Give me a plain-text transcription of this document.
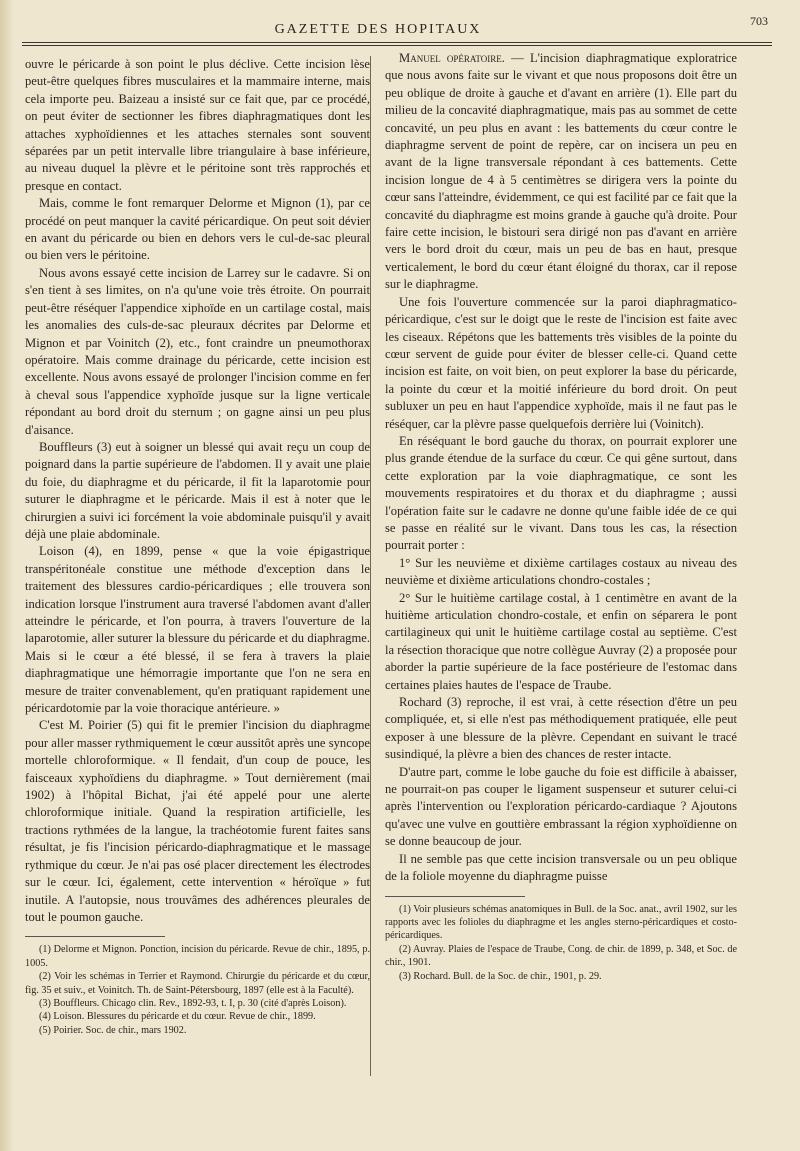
GAZETTE DES HOPITAUX
703

ouvre le péricarde à son point le plus déclive. Cette incision lèse peut-être quelques fibres musculaires et la mammaire interne, mais cela importe peu. Baizeau a insisté sur ce fait que, par ce procédé, on peut éviter de sectionner les fibres diaphragmatiques dont les attaches xyphoïdiennes et les attaches sternales sont souvent séparées par un petit intervalle libre triangulaire à base inférieure, au niveau duquel la plèvre et le péritoine sont très rapprochés et presque en contact.

Mais, comme le font remarquer Delorme et Mignon (1), par ce procédé on peut manquer la cavité péricardique. On peut soit dévier en avant du péricarde ou bien en dehors vers le cul-de-sac pleural ou bien vers le péritoine.

Nous avons essayé cette incision de Larrey sur le cadavre. Si on s'en tient à ses limites, on n'a qu'une voie très étroite. On pourrait peut-être réséquer l'appendice xiphoïde en un cartilage costal, mais les anomalies des culs-de-sac pleuraux décrites par Delorme et Mignon et par Voinitch (2), etc., font craindre un pneumothorax opératoire. Mais comme drainage du péricarde, cette incision est excellente. Nous avons essayé de prolonger l'incision comme en fer à cheval sous l'appendice xyphoïde jusque sur la ligne verticale répondant au bord droit du sternum ; on gagne ainsi un peu plus d'aisance.

Bouffleurs (3) eut à soigner un blessé qui avait reçu un coup de poignard dans la partie supérieure de l'abdomen. Il y avait une plaie du foie, du diaphragme et du péricarde, il fit la laparotomie pour suturer le diaphragme et le péricarde. Mais il est à noter que le chirurgien a suivi ici forcément la voie abdominale puisqu'il y avait déjà une plaie abdominale.

Loison (4), en 1899, pense « que la voie épigastrique transpéritonéale constitue une méthode d'exception dans le traitement des blessures cardio-péricardiques ; elle trouvera son indication lorsque l'instrument aura traversé l'abdomen avant d'aller atteindre le péricarde, et l'on pourra, à travers l'ouverture de la laparotomie, aller suturer la blessure du péricarde et du diaphragme. Mais si le cœur a été blessé, il se fera à travers la plaie diaphragmatique une hémorragie importante que l'on ne sera en mesure de traiter convenablement, qu'en pratiquant rapidement une péricardotomie par la voie thoracique antérieure. »

C'est M. Poirier (5) qui fit le premier l'incision du diaphragme pour aller masser rythmiquement le cœur aussitôt après une syncope mortelle chloroformique. « Il fendait, d'un coup de pouce, les faisceaux xyphoïdiens du diaphragme. » Tout dernièrement (mai 1902) à l'hôpital Bichat, j'ai été appelé pour une alerte chloroformique initiale. Quand la respiration artificielle, les tractions rythmées de la langue, la trachéotomie furent faites sans résultat, je fis l'incision péricardo-diaphragmatique et le massage rythmique du cœur. Je n'ai pas osé placer directement les électrodes sur le cœur. Ici, également, cette intervention « héroïque » fut inutile. A l'autopsie, nous trouvâmes des adhérences pleurales de tout le poumon gauche.

(1) Delorme et Mignon. Ponction, incision du péricarde. Revue de chir., 1895, p. 1005.

(2) Voir les schémas in Terrier et Raymond. Chirurgie du péricarde et du cœur, fig. 35 et suiv., et Voinitch. Th. de Saint-Pétersbourg, 1897 (elle est à la Faculté).

(3) Bouffleurs. Chicago clin. Rev., 1892-93, t. I, p. 30 (cité d'après Loison).

(4) Loison. Blessures du péricarde et du cœur. Revue de chir., 1899.

(5) Poirier. Soc. de chir., mars 1902.

Manuel opératoire. — L'incision diaphragmatique exploratrice que nous avons faite sur le vivant et que nous proposons doit être un peu oblique de droite à gauche et d'avant en arrière (1). Elle part du milieu de la concavité diaphragmatique, mais pas au sommet de cette concavité, un peu plus en avant : les battements du cœur contre le diaphragme servent de point de repère, car on incisera un peu en avant de la ligne transversale répondant à ces battements. Cette incision longue de 4 à 5 centimètres se dirigera vers la pointe du cœur sans l'atteindre, évidemment, ce qui est facilité par ce fait que la concavité du diaphragme est moins grande à gauche qu'à droite. Pour faire cette incision, le bistouri sera dirigé non pas d'avant en arrière vers le bord droit du cœur, mais un peu de bas en haut, presque verticalement, le bord du cœur étant éloigné du thorax, car il repose sur le diaphragme.

Une fois l'ouverture commencée sur la paroi diaphragmatico-péricardique, c'est sur le doigt que le reste de l'incision est faite avec les ciseaux. Répétons que les battements très visibles de la pointe du cœur servent de guide pour éviter de blesser celle-ci. Quand cette incision est faite, on voit bien, on peut explorer la base du péricarde, la pointe du cœur et la moitié inférieure du bord droit. On peut subluxer un peu en haut l'appendice xyphoïde, mais il ne faut pas le réséquer, car la plèvre passe quelquefois derrière lui (Voinitch).

En réséquant le bord gauche du thorax, on pourrait explorer une plus grande étendue de la surface du cœur. Ce qui gêne surtout, dans cette exploration par la voie diaphragmatique, ce sont les mouvements respiratoires et du thorax et du diaphragme ; aussi l'opération faite sur le cadavre ne donne qu'une faible idée de ce qui se passe en réalité sur le vivant. Dans tous les cas, la résection pourrait porter :

1° Sur les neuvième et dixième cartilages costaux au niveau des neuvième et dixième articulations chondro-costales ;

2° Sur le huitième cartilage costal, à 1 centimètre en avant de la huitième articulation chondro-costale, et enfin on séparera le pont cartilagineux qui unit le huitième cartilage costal au septième. C'est la résection thoracique que notre collègue Auvray (2) a proposée pour aborder la partie supérieure de la face postérieure de l'estomac dans certaines plaies hautes de l'espace de Traube.

Rochard (3) reproche, il est vrai, à cette résection d'être un peu compliquée, et, si elle n'est pas méthodiquement pratiquée, elle peut exposer à une blessure de la plèvre. Cependant en suivant le tracé susindiqué, la plèvre a bien des chances de rester intacte.

D'autre part, comme le lobe gauche du foie est difficile à abaisser, ne pourrait-on pas couper le ligament suspenseur et suturer celui-ci après l'intervention ou l'exploration péricardo-cardiaque ? Ajoutons qu'avec une vulve en gouttière embrassant la région xyphoïdienne on se donne beaucoup de jour.

Il ne semble pas que cette incision transversale ou un peu oblique de la foliole moyenne du diaphragme puisse

(1) Voir plusieurs schémas anatomiques in Bull. de la Soc. anat., avril 1902, sur les rapports avec les folioles du diaphragme et les angles sterno-péricardiques et costo-péricardiques.

(2) Auvray. Plaies de l'espace de Traube, Cong. de chir. de 1899, p. 348, et Soc. de chir., 1901.

(3) Rochard. Bull. de la Soc. de chir., 1901, p. 29.
